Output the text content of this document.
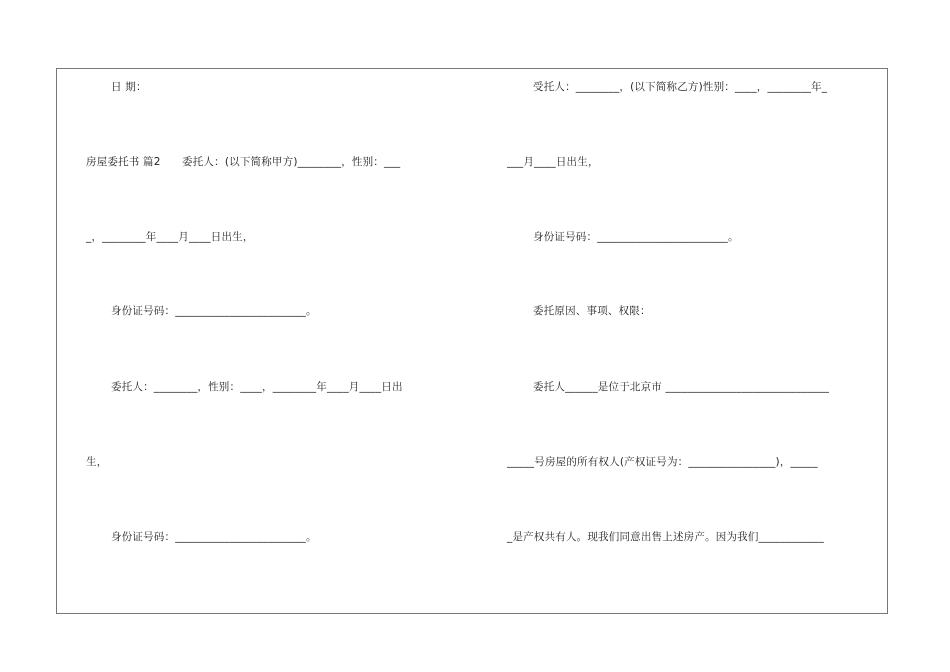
日 期：
房屋委托书 篇2　　委托人：(以下简称甲方)________，性别：___
_，________年____月____日出生，
身份证号码：________________________。
委托人：________，性别：____，________年____月____日出
生，
身份证号码：________________________。
受托人：________，(以下简称乙方)性别：____，________年_
___月____日出生，
身份证号码：________________________。
委托原因、事项、权限：
委托人______是位于北京市 ______________________________
_____号房屋的所有权人(产权证号为：________________)，_____
_是产权共有人。现我们同意出售上述房产。因为我们____________
